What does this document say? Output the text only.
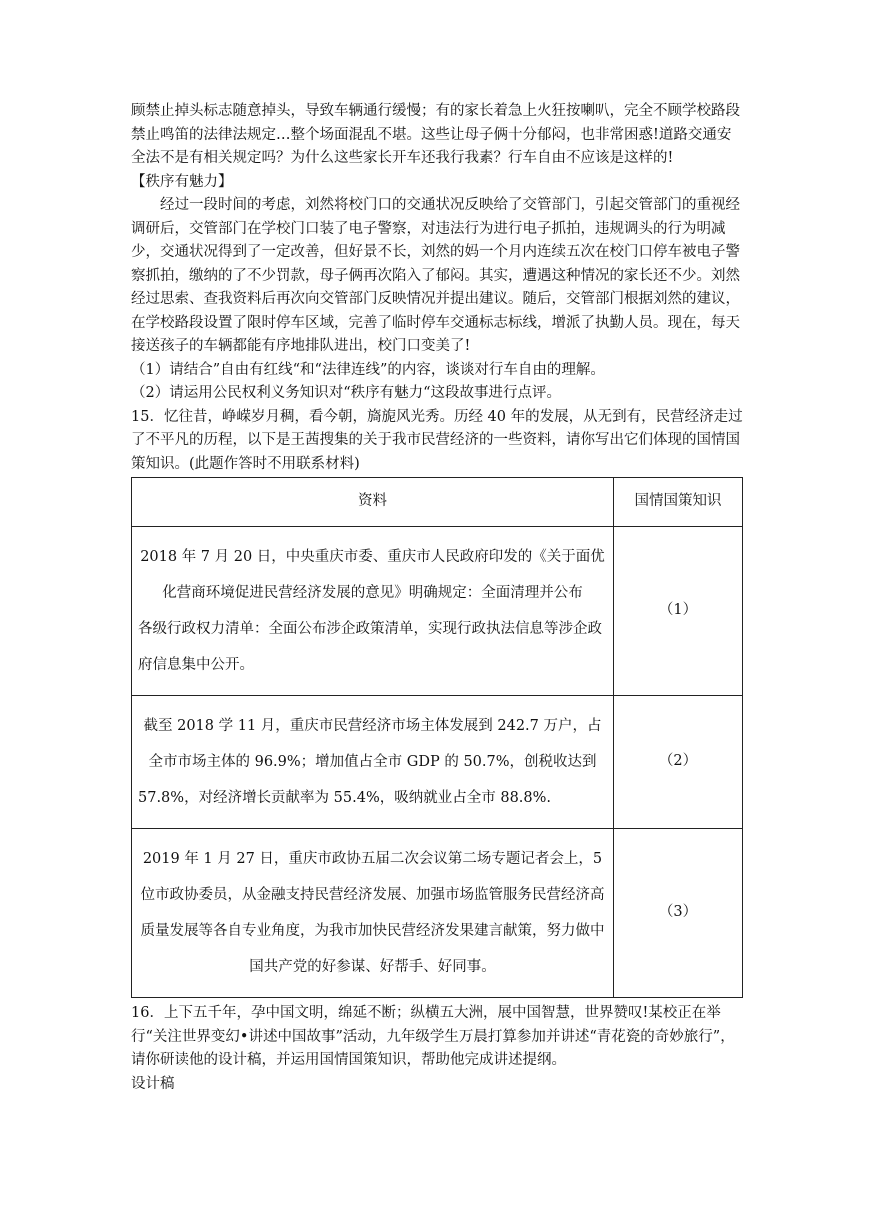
顾禁止掉头标志随意掉头，导致车辆通行缓慢；有的家长着急上火狂按喇叭，完全不顾学校路段禁止鸣笛的法律法规定…整个场面混乱不堪。这些让母子俩十分郁闷，也非常困惑!道路交通安全法不是有相关规定吗？为什么这些家长开车还我行我素？行车自由不应该是这样的!

【秩序有魅力】

经过一段时间的考虑，刘然将校门口的交通状况反映给了交管部门，引起交管部门的重视经调研后，交管部门在学校门口装了电子警察，对违法行为进行电子抓拍，违规调头的行为明减少，交通状况得到了一定改善，但好景不长，刘然的妈一个月内连续五次在校门口停车被电子警察抓拍，缴纳的了不少罚款，母子俩再次陷入了郁闷。其实，遭遇这种情况的家长还不少。刘然经过思索、查我资料后再次向交管部门反映情况并提出建议。随后，交管部门根据刘然的建议，在学校路段设置了限时停车区域，完善了临时停车交通标志标线，增派了执勤人员。现在，每天接送孩子的车辆都能有序地排队进出，校门口变美了!

（1）请结合”自由有红线“和“法律连线”的内容，谈谈对行车自由的理解。

（2）请运用公民权利义务知识对“秩序有魅力“这段故事进行点评。

15．忆往昔，峥嵘岁月稠，看今朝，旖旎风光秀。历经 40 年的发展，从无到有，民营经济走过了不平凡的历程，以下是王茜搜集的关于我市民营经济的一些资料，请你写出它们体现的国情国策知识。(此题作答时不用联系材料)

资料	国情国策知识
2018 年 7 月 20 日，中央重庆市委、重庆市人民政府印发的《关于面优化营商环境促进民营经济发展的意见》明确规定：全面清理并公布
各级行政权力清单：全面公布涉企政策清单，实现行政执法信息等涉企政府信息集中公开。	（1）
截至 2018 学 11 月，重庆市民营经济市场主体发展到 242.7 万户，占全市市场主体的 96.9%；增加值占全市 GDP 的 50.7%，创税收达到
57.8%，对经济增长贡献率为 55.4%，吸纳就业占全市 88.8%.	（2）
2019 年 1 月 27 日，重庆市政协五届二次会议第二场专题记者会上，5 位市政协委员，从金融支持民营经济发展、加强市场监管服务民营经济高质量发展等各自专业角度，为我市加快民营经济发果建言献策，努力做中国共产党的好参谋、好帮手、好同事。	（3）

16．上下五千年，孕中国文明，绵延不断；纵横五大洲，展中国智慧，世界赞叹!某校正在举行“关注世界变幻•讲述中国故事”活动，九年级学生万晨打算参加并讲述“青花瓷的奇妙旅行”，请你研读他的设计稿，并运用国情国策知识，帮助他完成讲述提纲。

设计稿
